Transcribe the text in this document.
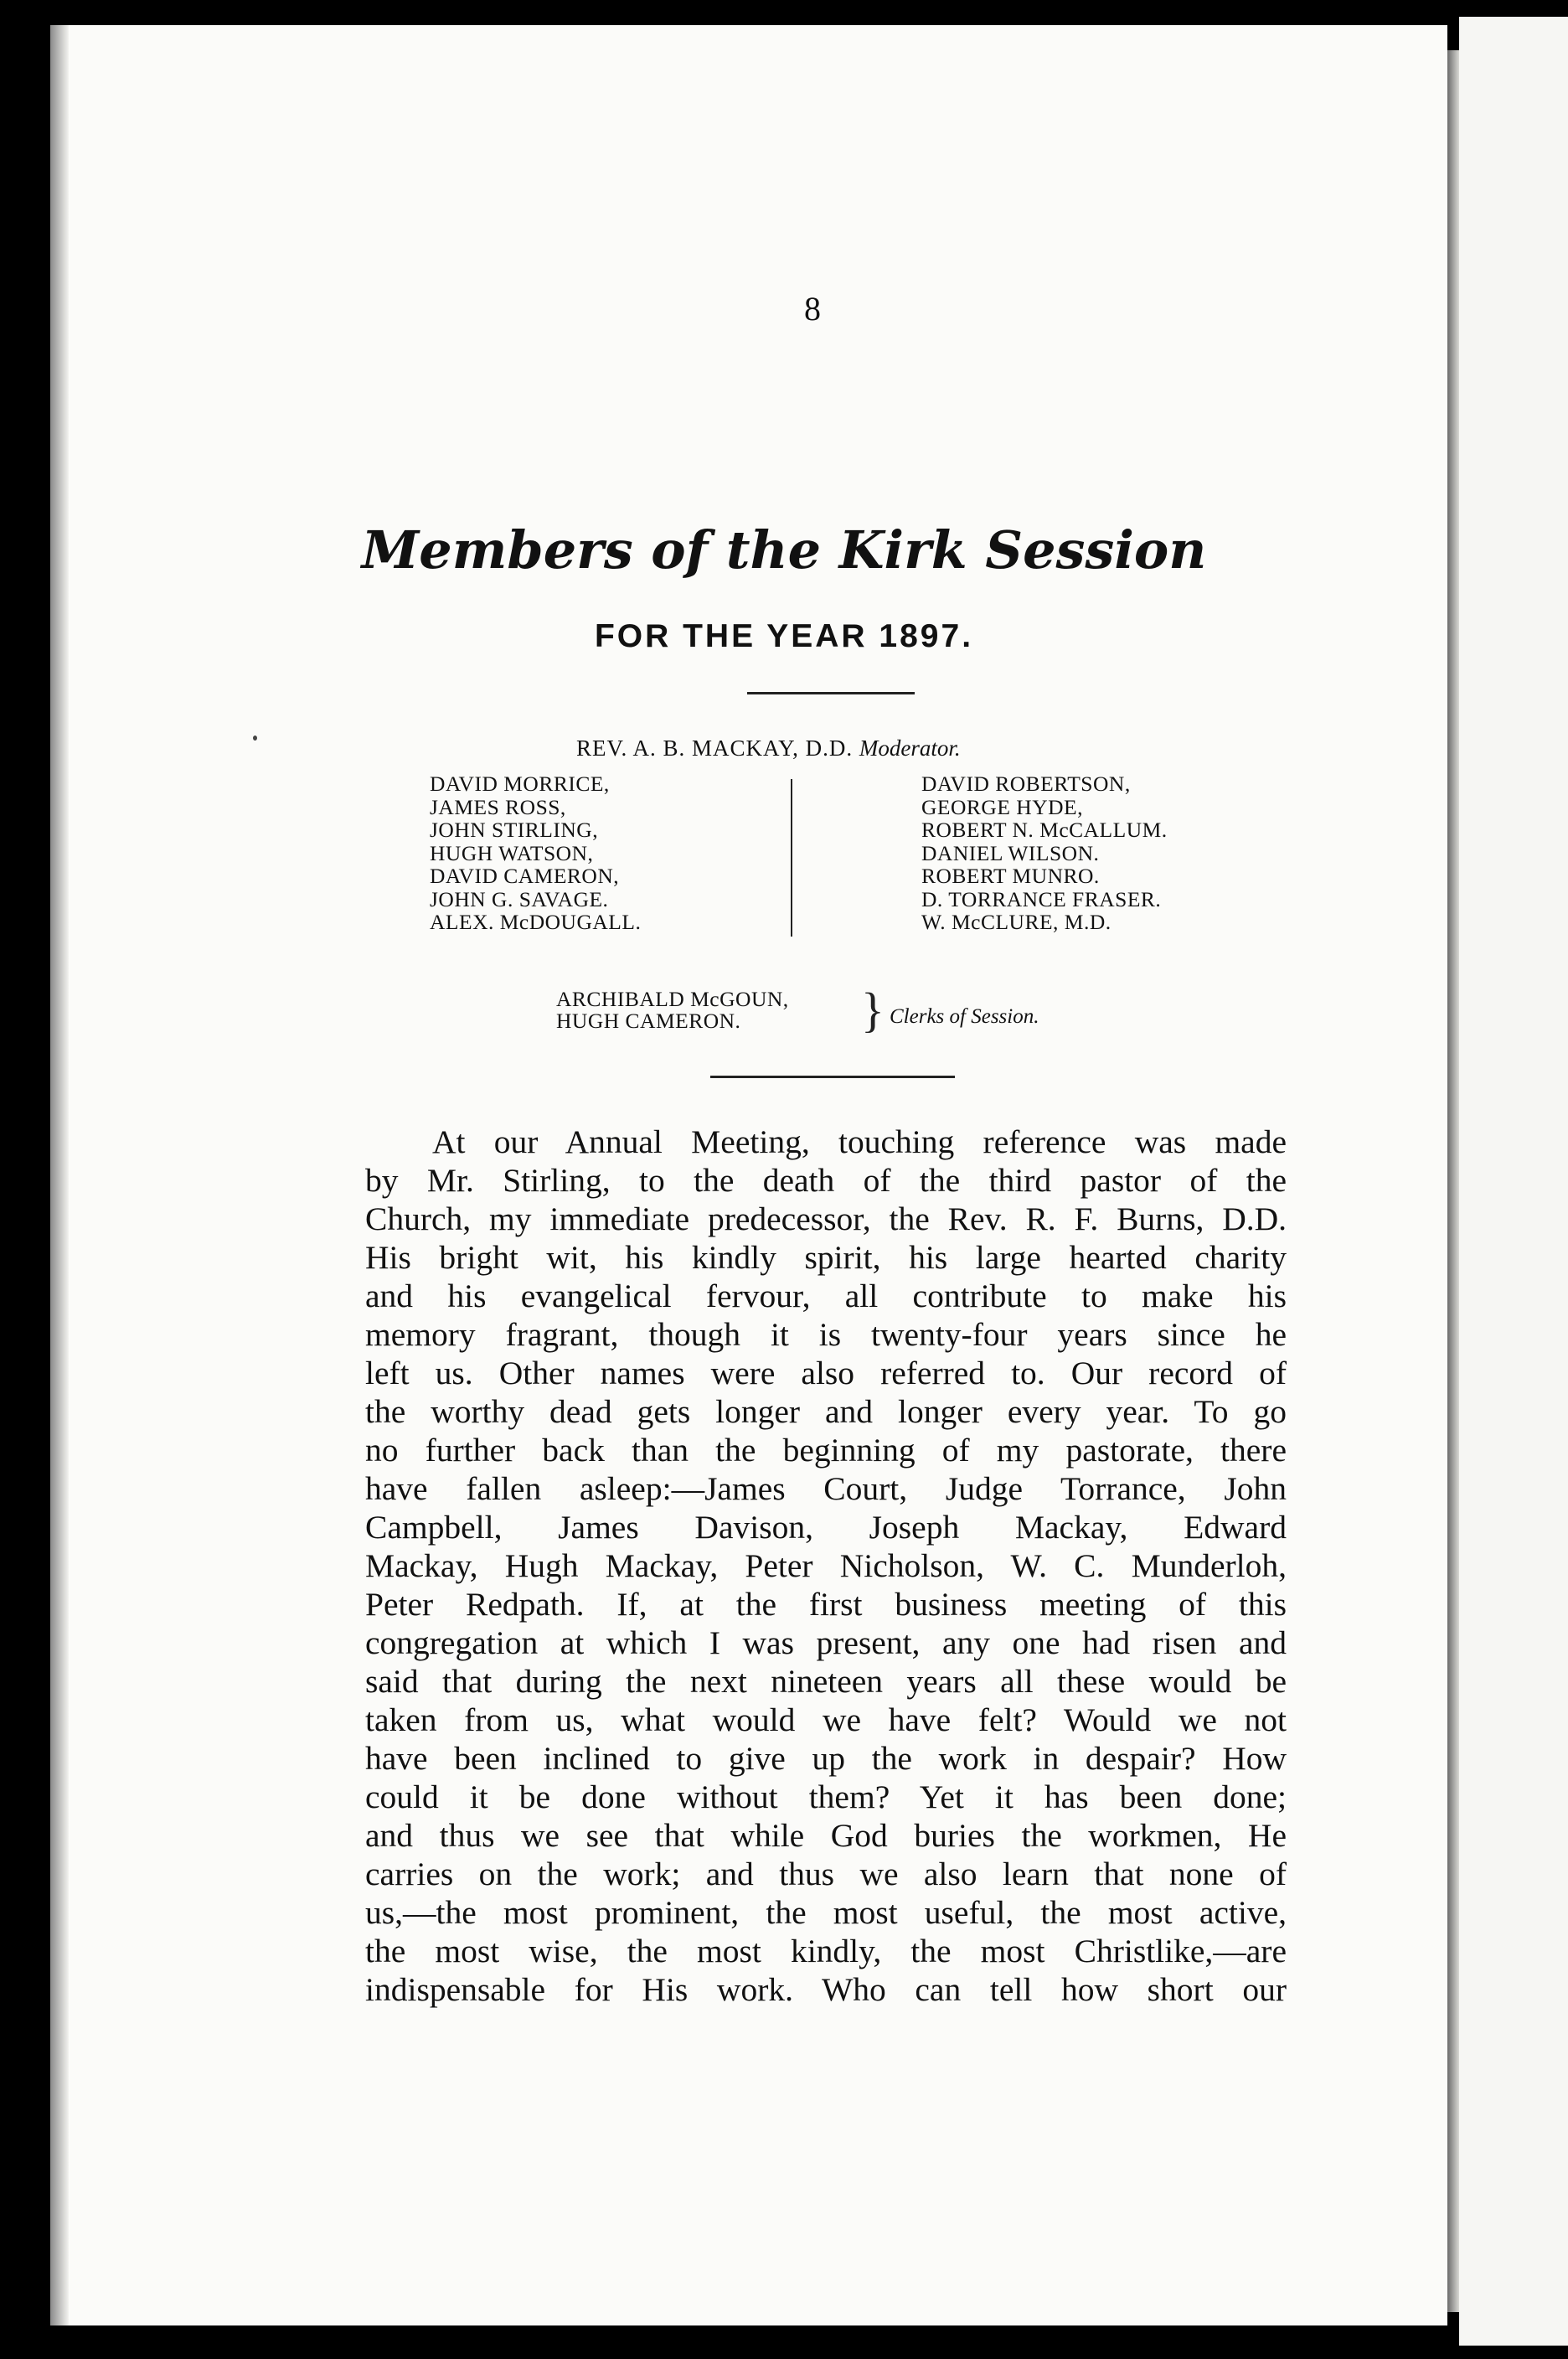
8
Members of the Kirk Session
FOR THE YEAR 1897.
REV. A. B. MACKAY, D.D. Moderator.
DAVID MORRICE,
JAMES ROSS,
JOHN STIRLING,
HUGH WATSON,
DAVID CAMERON,
JOHN G. SAVAGE.
ALEX. McDOUGALL.
DAVID ROBERTSON,
GEORGE HYDE,
ROBERT N. McCALLUM.
DANIEL WILSON.
ROBERT MUNRO.
D. TORRANCE FRASER.
W. McCLURE, M.D.
ARCHIBALD McGOUN,
HUGH CAMERON.	} Clerks of Session.
At our Annual Meeting, touching reference was made
by Mr. Stirling, to the death of the third pastor of the
Church, my immediate predecessor, the Rev. R. F. Burns, D.D.
His bright wit, his kindly spirit, his large hearted charity
and his evangelical fervour, all contribute to make his
memory fragrant, though it is twenty-four years since he
left us. Other names were also referred to. Our record of
the worthy dead gets longer and longer every year. To go
no further back than the beginning of my pastorate, there
have fallen asleep:—James Court, Judge Torrance, John
Campbell, James Davison, Joseph Mackay, Edward
Mackay, Hugh Mackay, Peter Nicholson, W. C. Munderloh,
Peter Redpath. If, at the first business meeting of this
congregation at which I was present, any one had risen and
said that during the next nineteen years all these would be
taken from us, what would we have felt? Would we not
have been inclined to give up the work in despair? How
could it be done without them? Yet it has been done;
and thus we see that while God buries the workmen, He
carries on the work; and thus we also learn that none of
us,—the most prominent, the most useful, the most active,
the most wise, the most kindly, the most Christlike,—are
indispensable for His work. Who can tell how short our
